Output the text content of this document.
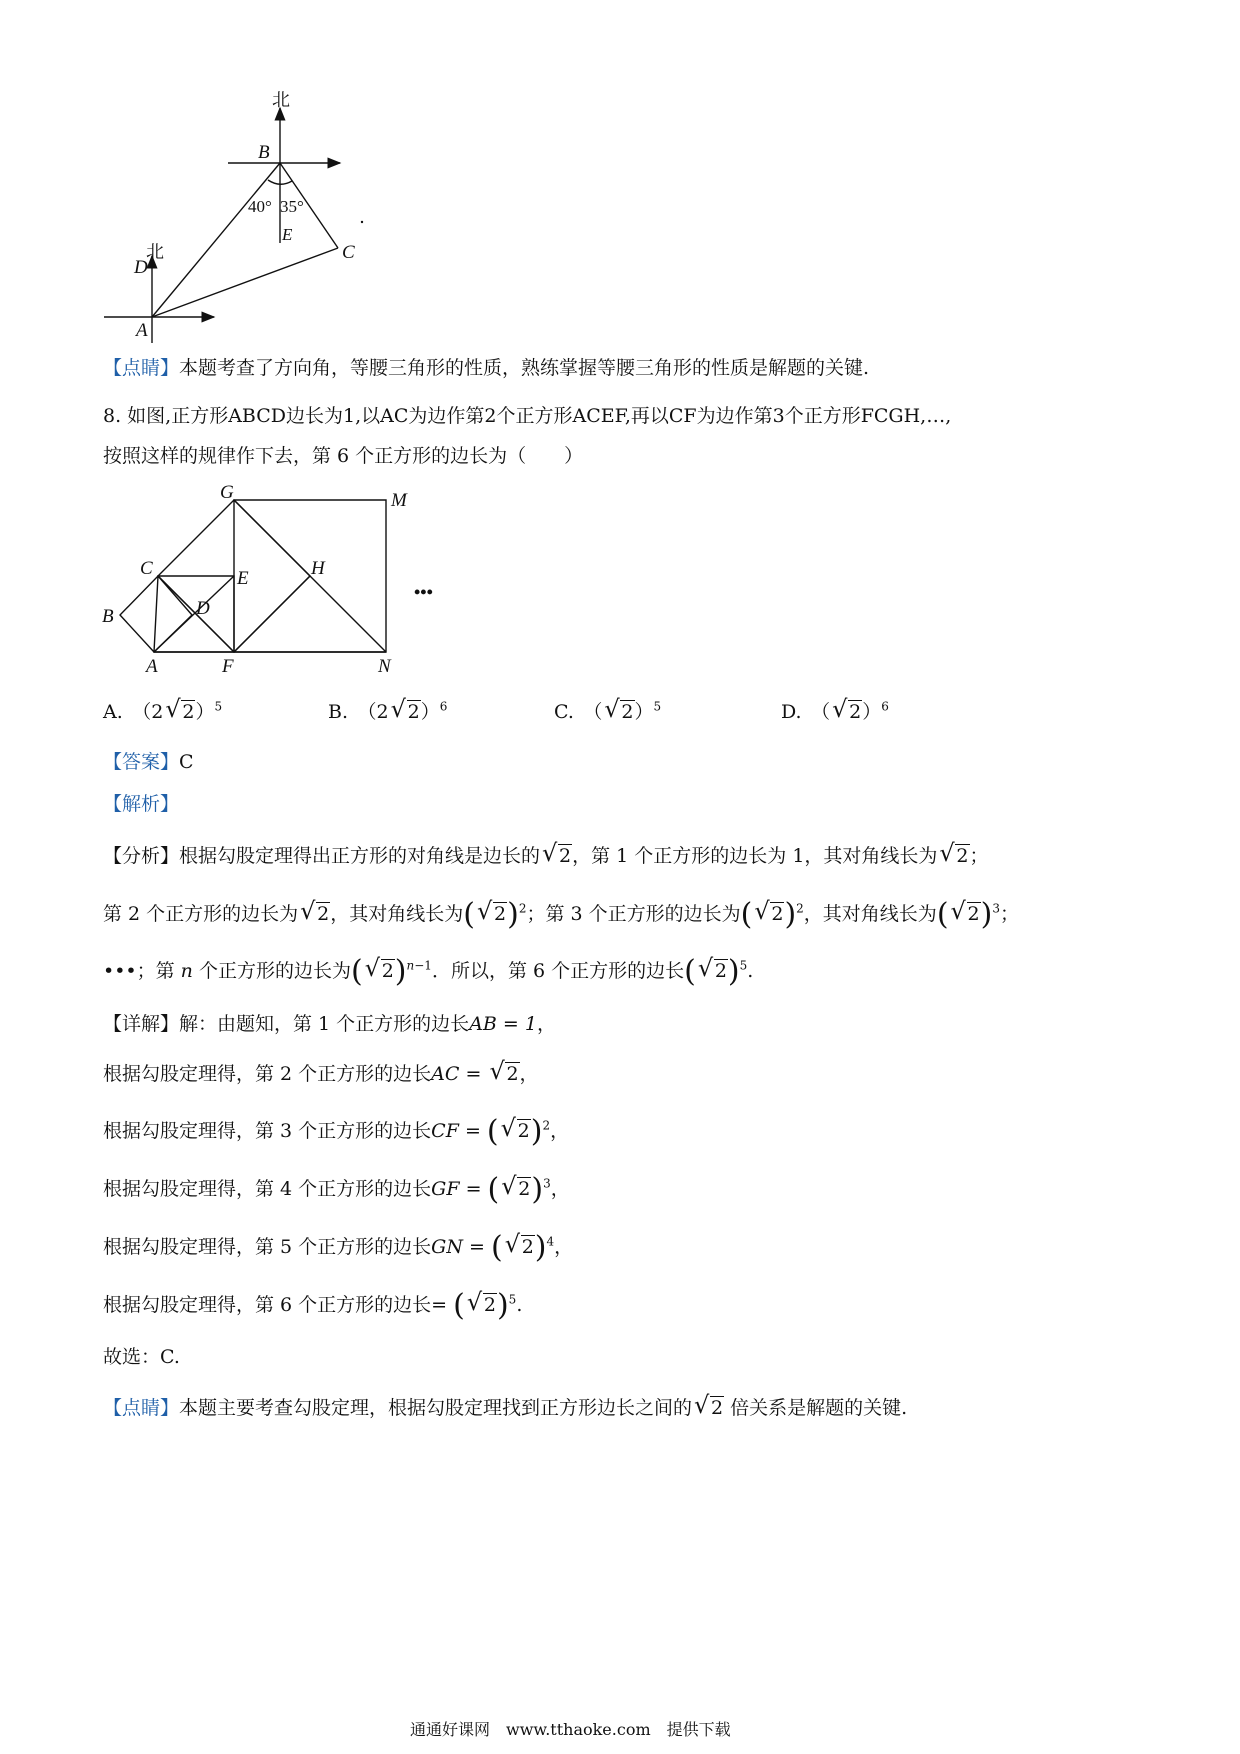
北
B
40° 35°
E
C
北
D
A
【点睛】本题考查了方向角，等腰三角形的性质，熟练掌握等腰三角形的性质是解题的关键.
8. 如图,正方形ABCD边长为1,以AC为边作第2个正方形ACEF,再以CF为边作第3个正方形FCGH,…,
按照这样的规律作下去，第 6 个正方形的边长为（　　）
G	M
C	E	H
B	D
A	F	N
•••
A.　（2 √ 2）$^5$	B.　（2 √ 2）$^6$	C.　（ √ 2）$^5$	D.　（ √ 2）$^6$
【答案】C
【解析】
【分析】根据勾股定理得出正方形的对角线是边长的 √ 2，第 1 个正方形的边长为 1，其对角线长为 √ 2；
第 2 个正方形的边长为 √ 2，其对角线长为( √ 2)$^2$；第 3 个正方形的边长为( √ 2)$^2$，其对角线长为( √ 2)$^3$；
•••；第 n 个正方形的边长为( √ 2)$^{n-1}$．所以，第 6 个正方形的边长( √ 2)$^5$.
【详解】解：由题知，第 1 个正方形的边长AB = 1，
根据勾股定理得，第 2 个正方形的边长AC = √ 2，
根据勾股定理得，第 3 个正方形的边长CF = ( √ 2)$^2$，
根据勾股定理得，第 4 个正方形的边长GF = ( √ 2)$^3$，
根据勾股定理得，第 5 个正方形的边长GN = ( √ 2)$^4$，
根据勾股定理得，第 6 个正方形的边长= ( √ 2)$^5$.
故选：C.
【点睛】本题主要考查勾股定理，根据勾股定理找到正方形边长之间的 √ 2 倍关系是解题的关键.
通通好课网　www.tthaoke.com　提供下载
